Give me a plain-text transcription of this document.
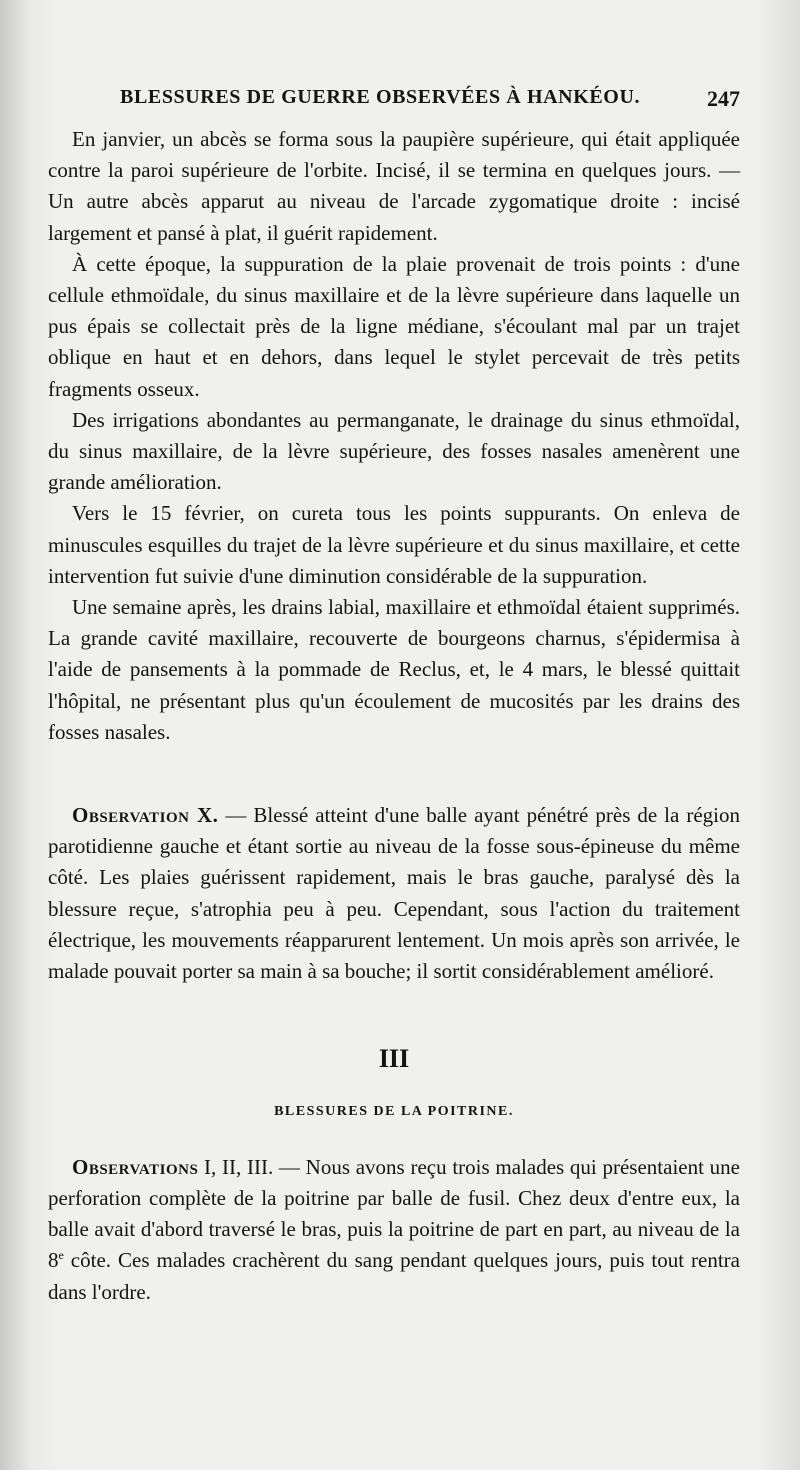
BLESSURES DE GUERRE OBSERVÉES À HANKÉOU.	247

En janvier, un abcès se forma sous la paupière supérieure, qui était appliquée contre la paroi supérieure de l'orbite. Incisé, il se termina en quelques jours. — Un autre abcès apparut au niveau de l'arcade zygomatique droite : incisé largement et pansé à plat, il guérit rapidement.

À cette époque, la suppuration de la plaie provenait de trois points : d'une cellule ethmoïdale, du sinus maxillaire et de la lèvre supérieure dans laquelle un pus épais se collectait près de la ligne médiane, s'écoulant mal par un trajet oblique en haut et en dehors, dans lequel le stylet percevait de très petits fragments osseux.

Des irrigations abondantes au permanganate, le drainage du sinus ethmoïdal, du sinus maxillaire, de la lèvre supérieure, des fosses nasales amenèrent une grande amélioration.

Vers le 15 février, on cureta tous les points suppurants. On enleva de minuscules esquilles du trajet de la lèvre supérieure et du sinus maxillaire, et cette intervention fut suivie d'une diminution considérable de la suppuration.

Une semaine après, les drains labial, maxillaire et ethmoïdal étaient supprimés. La grande cavité maxillaire, recouverte de bourgeons charnus, s'épidermisa à l'aide de pansements à la pommade de Reclus, et, le 4 mars, le blessé quittait l'hôpital, ne présentant plus qu'un écoulement de mucosités par les drains des fosses nasales.

Observation X. — Blessé atteint d'une balle ayant pénétré près de la région parotidienne gauche et étant sortie au niveau de la fosse sous-épineuse du même côté. Les plaies guérissent rapidement, mais le bras gauche, paralysé dès la blessure reçue, s'atrophia peu à peu. Cependant, sous l'action du traitement électrique, les mouvements réapparurent lentement. Un mois après son arrivée, le malade pouvait porter sa main à sa bouche; il sortit considérablement amélioré.

III

BLESSURES DE LA POITRINE.

Observations I, II, III. — Nous avons reçu trois malades qui présentaient une perforation complète de la poitrine par balle de fusil. Chez deux d'entre eux, la balle avait d'abord traversé le bras, puis la poitrine de part en part, au niveau de la 8e côte. Ces malades crachèrent du sang pendant quelques jours, puis tout rentra dans l'ordre.
